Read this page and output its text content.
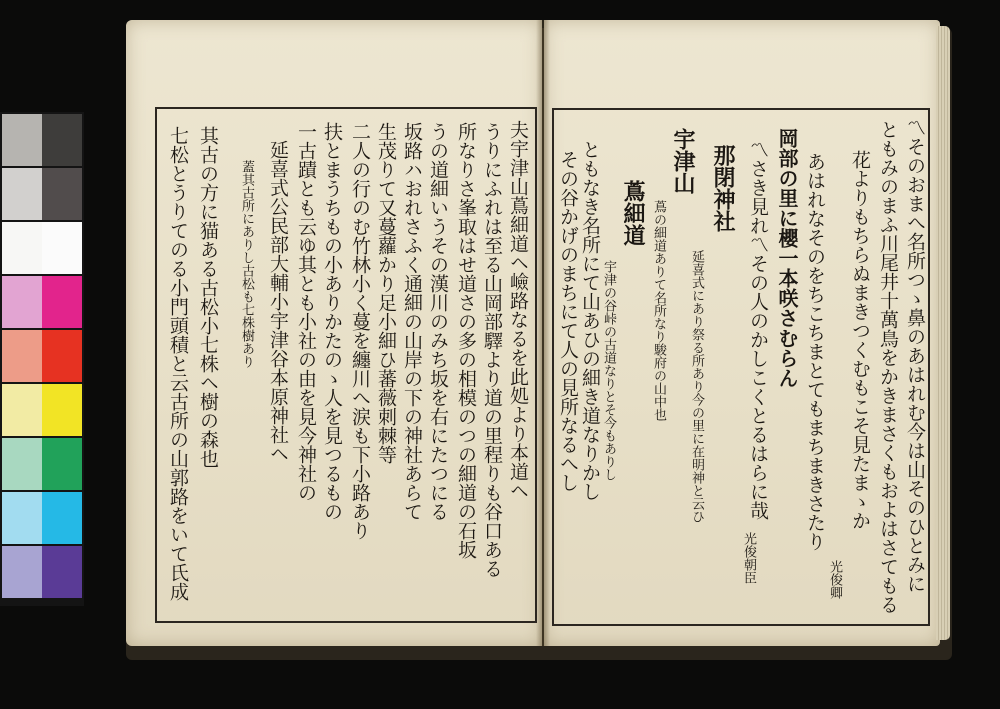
〽そのおまへ名所つゝ鼻のあはれむ今は山そのひとみに
ともみのまふ川尾井十萬鳥をかきまさくもおよはさてもる
花よりもちらぬまきつくむもこそ見たまゝか
あはれなそのをちこちまとてもまちまきさたり
岡部の里に櫻一本咲さむらん
〽さき見れ〽その人のかしこくとるはらに哉
那閉神社
延喜式にあり祭る所あり今の里に在明神と云ひ
宇津山
蔦の細道ありて名所なり駿府の山中也
蔦細道
宇津の谷峠の古道なりとそ今もありし
ともなき名所にて山あひの細き道なりかし
その谷かげのまちにて人の見所なるへし
光俊朝臣	光俊卿
夫宇津山蔦細道ヘ嶮路なるを此処より本道ヘ
うりにふれは至る山岡部驛より道の里程りも谷口ある
所なりさ峯取はせ道さの多の相模のつの細道の石坂
うの道細いうその漢川のみち坂を右にたつにる
坂路ハおれさふく通細の山岸の下の神社あらて
生茂りて又蔓蘿かり足小細ひ蕃薇刺棘等
二人の行のむ竹林小く蔓を纏川へ涙も下小路あり
扶とまうちもの小ありかたのゝ人を見つるもの
一古蹟とも云ゆ其とも小社の由を見今神社の
延喜式公民部大輔小宇津谷本原神社ヘ
蓋其古所にありし古松も七株樹あり
其古の方に猫ある古松小七株ヘ樹の森也
七松とうりてのる小門頭積と云古所の山郭路をいて氏成
